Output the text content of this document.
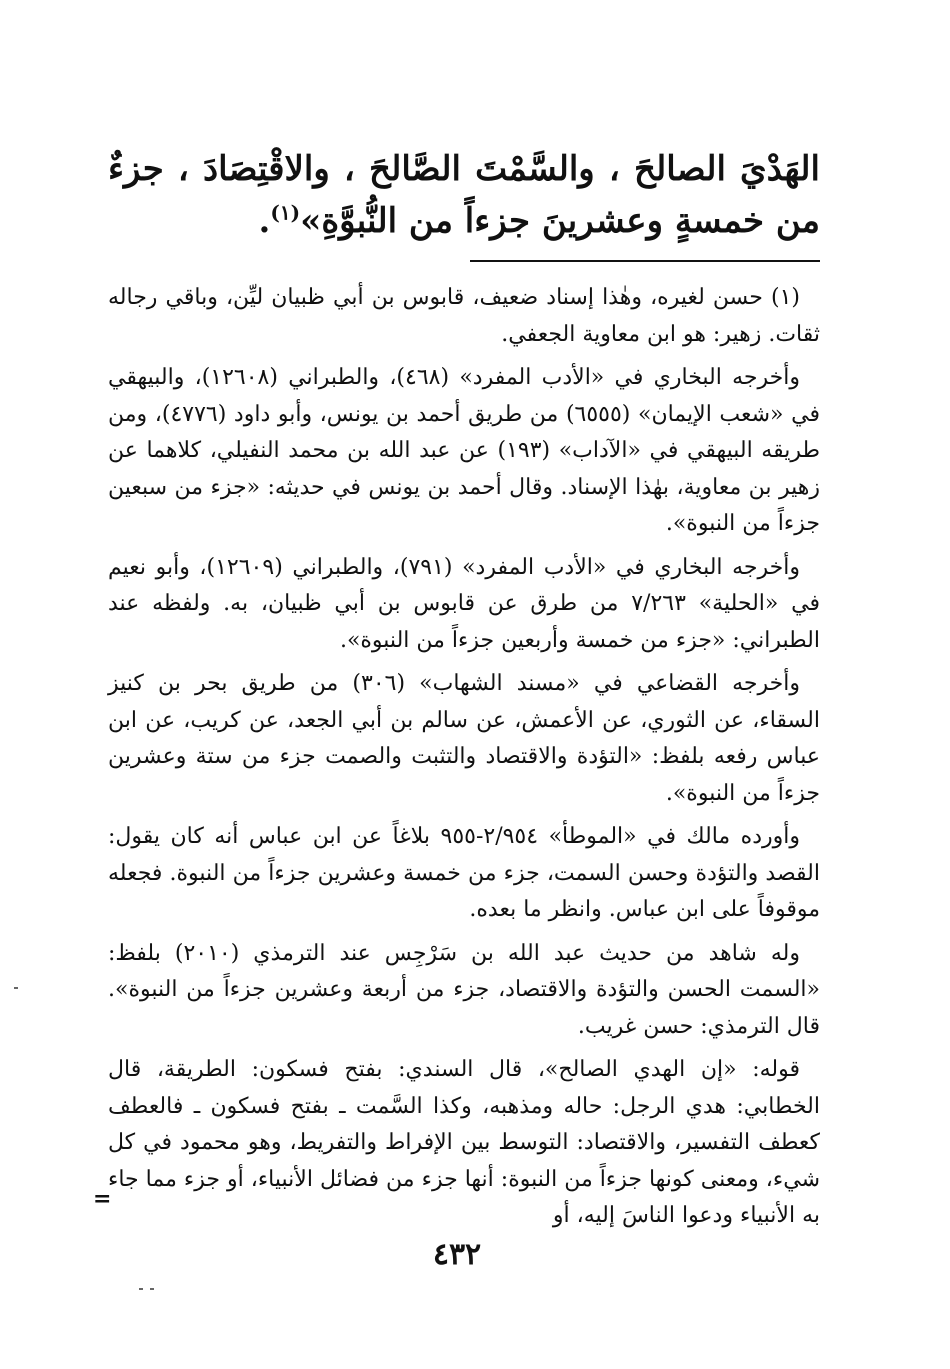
الهَدْيَ الصالحَ ، والسَّمْتَ الصَّالحَ ، والاقْتِصَادَ ، جزءٌ من خمسةٍ وعشرينَ جزءاً من النُّبوَّةِ»$^{(١)}$.

(١) حسن لغيره، وهٰذا إسناد ضعيف، قابوس بن أبي ظبيان ليِّن، وباقي رجاله ثقات. زهير: هو ابن معاوية الجعفي.

وأخرجه البخاري في «الأدب المفرد» (٤٦٨)، والطبراني (١٢٦٠٨)، والبيهقي في «شعب الإيمان» (٦٥٥٥) من طريق أحمد بن يونس، وأبو داود (٤٧٧٦)، ومن طريقه البيهقي في «الآداب» (١٩٣) عن عبد الله بن محمد النفيلي، كلاهما عن زهير بن معاوية، بهٰذا الإسناد. وقال أحمد بن يونس في حديثه: «جزء من سبعين جزءاً من النبوة».

وأخرجه البخاري في «الأدب المفرد» (٧٩١)، والطبراني (١٢٦٠٩)، وأبو نعيم في «الحلية» ٧/٢٦٣ من طرق عن قابوس بن أبي ظبيان، به. ولفظه عند الطبراني: «جزء من خمسة وأربعين جزءاً من النبوة».

وأخرجه القضاعي في «مسند الشهاب» (٣٠٦) من طريق بحر بن كنيز السقاء، عن الثوري، عن الأعمش، عن سالم بن أبي الجعد، عن كريب، عن ابن عباس رفعه بلفظ: «التؤدة والاقتصاد والتثبت والصمت جزء من ستة وعشرين جزءاً من النبوة».

وأورده مالك في «الموطأ» ٢/٩٥٤-٩٥٥ بلاغاً عن ابن عباس أنه كان يقول: القصد والتؤدة وحسن السمت، جزء من خمسة وعشرين جزءاً من النبوة. فجعله موقوفاً على ابن عباس. وانظر ما بعده.

وله شاهد من حديث عبد الله بن سَرْجِس عند الترمذي (٢٠١٠) بلفظ: «السمت الحسن والتؤدة والاقتصاد، جزء من أربعة وعشرين جزءاً من النبوة». قال الترمذي: حسن غريب.

قوله: «إن الهدي الصالح»، قال السندي: بفتح فسكون: الطريقة، قال الخطابي: هدي الرجل: حاله ومذهبه، وكذا السَّمت ـ بفتح فسكون ـ فالعطف كعطف التفسير، والاقتصاد: التوسط بين الإفراط والتفريط، وهو محمود في كل شيء، ومعنى كونها جزءاً من النبوة: أنها جزء من فضائل الأنبياء، أو جزء مما جاء به الأنبياء ودعوا الناسَ إليه، أو

=
٤٣٢
